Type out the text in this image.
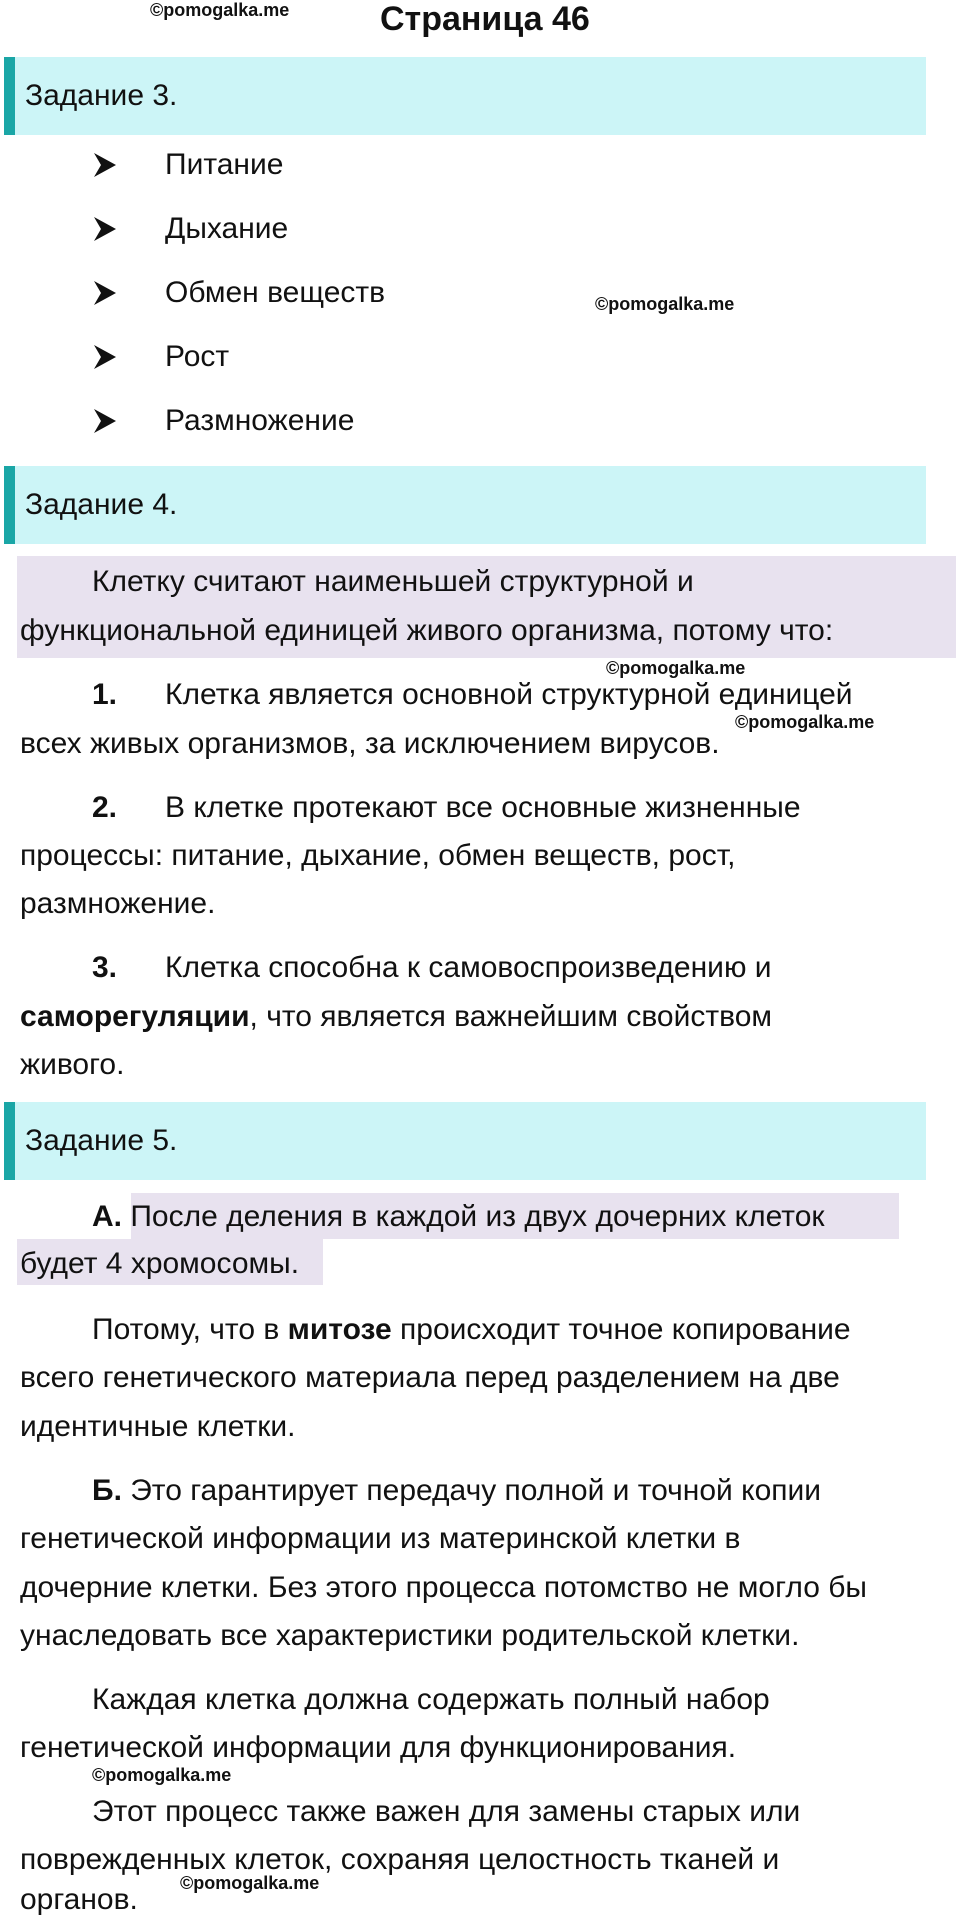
©pomogalka.me	Страница 46
Задание 3.
Питание
Дыхание
Обмен веществ
Рост
Размножение
©pomogalka.me
Задание 4.
Клетку считают наименьшей структурной и
функциональной единицей живого организма, потому что:
©pomogalka.me
1. Клетка является основной структурной единицей
всех живых организмов, за исключением вирусов.
©pomogalka.me
2. В клетке протекают все основные жизненные
процессы: питание, дыхание, обмен веществ, рост,
размножение.
3. Клетка способна к самовоспроизведению и
саморегуляции, что является важнейшим свойством
живого.
Задание 5.
А. После деления в каждой из двух дочерних клеток
будет 4 хромосомы.
Потому, что в митозе происходит точное копирование
всего генетического материала перед разделением на две
идентичные клетки.
Б. Это гарантирует передачу полной и точной копии
генетической информации из материнской клетки в
дочерние клетки. Без этого процесса потомство не могло бы
унаследовать все характеристики родительской клетки.
Каждая клетка должна содержать полный набор
генетической информации для функционирования.
©pomogalka.me
Этот процесс также важен для замены старых или
поврежденных клеток, сохраняя целостность тканей и
органов. ©pomogalka.me
